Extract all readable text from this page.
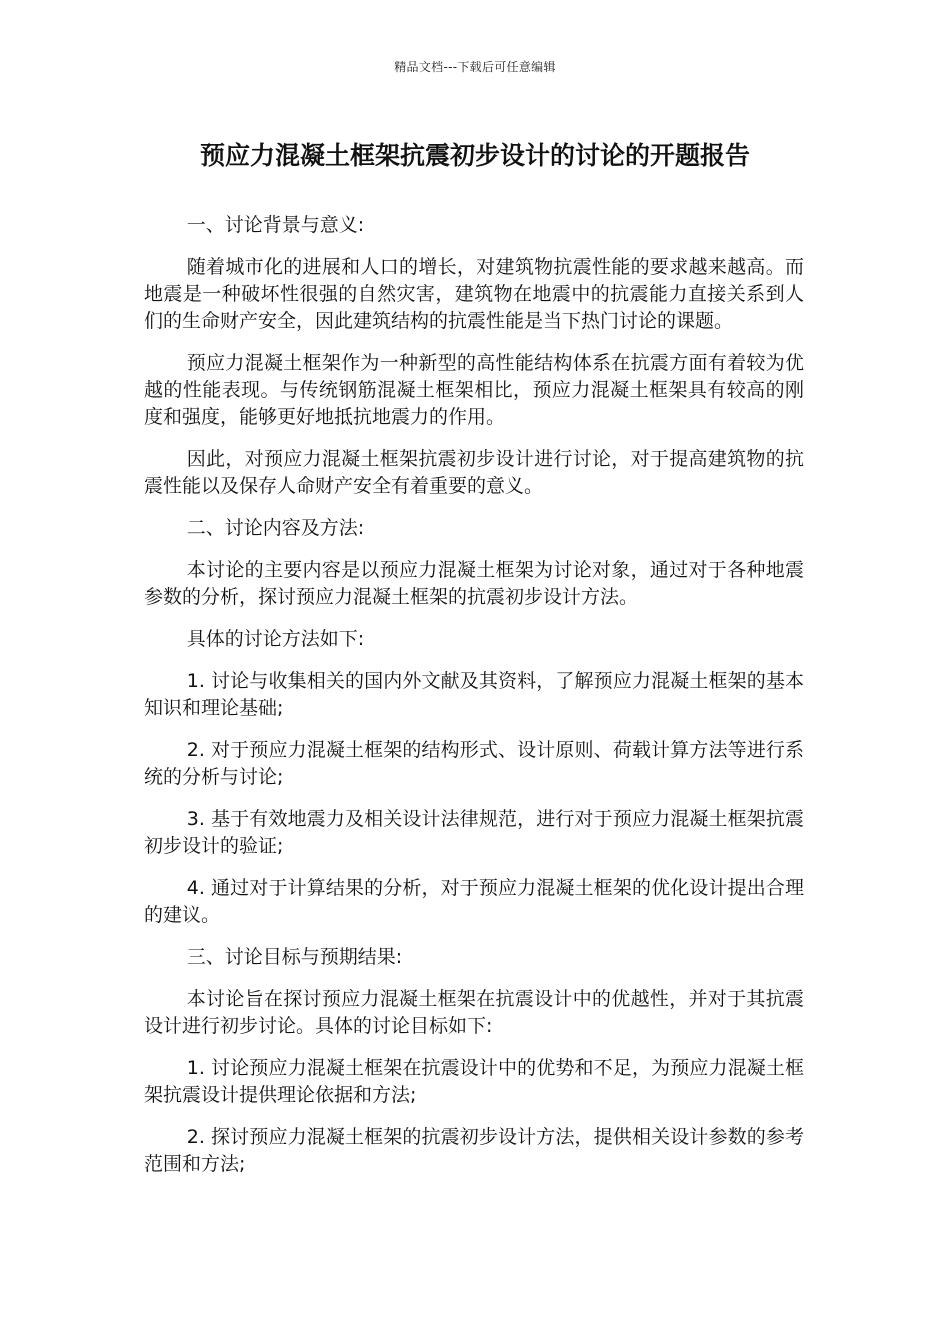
精品文档---下载后可任意编辑
预应力混凝土框架抗震初步设计的讨论的开题报告

一、讨论背景与意义:

随着城市化的进展和人口的增长，对建筑物抗震性能的要求越来越高。而地震是一种破坏性很强的自然灾害，建筑物在地震中的抗震能力直接关系到人们的生命财产安全，因此建筑结构的抗震性能是当下热门讨论的课题。

预应力混凝土框架作为一种新型的高性能结构体系在抗震方面有着较为优越的性能表现。与传统钢筋混凝土框架相比，预应力混凝土框架具有较高的刚度和强度，能够更好地抵抗地震力的作用。

因此，对预应力混凝土框架抗震初步设计进行讨论，对于提高建筑物的抗震性能以及保存人命财产安全有着重要的意义。

二、讨论内容及方法:

本讨论的主要内容是以预应力混凝土框架为讨论对象，通过对于各种地震参数的分析，探讨预应力混凝土框架的抗震初步设计方法。

具体的讨论方法如下:

1. 讨论与收集相关的国内外文献及其资料，了解预应力混凝土框架的基本知识和理论基础;

2. 对于预应力混凝土框架的结构形式、设计原则、荷载计算方法等进行系统的分析与讨论;

3. 基于有效地震力及相关设计法律规范，进行对于预应力混凝土框架抗震初步设计的验证;

4. 通过对于计算结果的分析，对于预应力混凝土框架的优化设计提出合理的建议。

三、讨论目标与预期结果:

本讨论旨在探讨预应力混凝土框架在抗震设计中的优越性，并对于其抗震设计进行初步讨论。具体的讨论目标如下:

1. 讨论预应力混凝土框架在抗震设计中的优势和不足，为预应力混凝土框架抗震设计提供理论依据和方法;

2. 探讨预应力混凝土框架的抗震初步设计方法，提供相关设计参数的参考范围和方法;
